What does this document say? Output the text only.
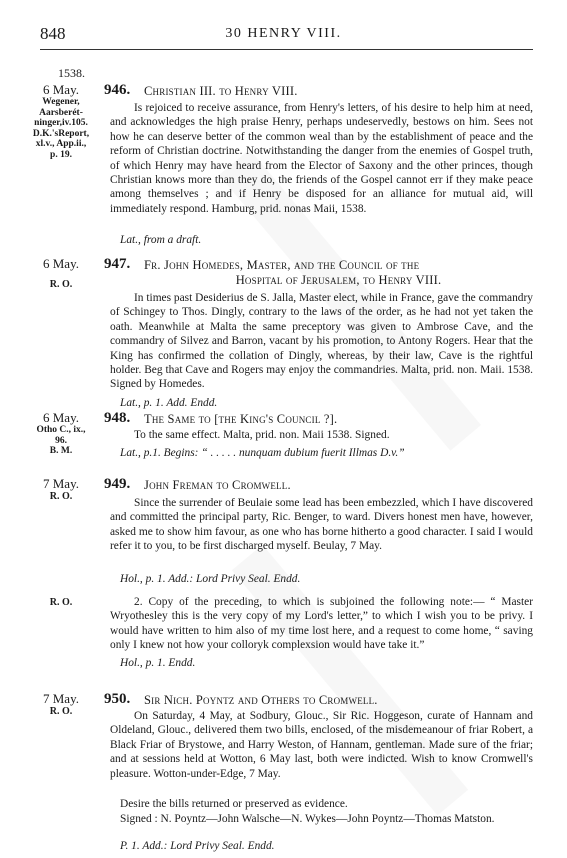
848	30 HENRY VIII.
1538.
6 May.

Wegener,
Aarsberét-
ninger,iv.105.
D.K.'sReport,
xl.v., App.ii.,
p. 19.
946. Christian III. to Henry VIII.
Is rejoiced to receive assurance, from Henry's letters, of his desire to help him at need, and acknowledges the high praise Henry, perhaps undeservedly, bestows on him. Sees not how he can deserve better of the common weal than by the establishment of peace and the reform of Christian doctrine. Notwithstanding the danger from the enemies of Gospel truth, of which Henry may have heard from the Elector of Saxony and the other princes, though Christian knows more than they do, the friends of the Gospel cannot err if they make peace among themselves ; and if Henry be disposed for an alliance for mutual aid, will immediately respond. Hamburg, prid. nonas Maii, 1538.
Lat., from a draft.
6 May.

R. O.
947. Fr. John Homedes, Master, and the Council of the
Hospital of Jerusalem, to Henry VIII.
In times past Desiderius de S. Jalla, Master elect, while in France, gave the commandry of Schingey to Thos. Dingly, contrary to the laws of the order, as he had not yet taken the oath. Meanwhile at Malta the same preceptory was given to Ambrose Cave, and the commandry of Silvez and Barron, vacant by his promotion, to Antony Rogers. Hear that the King has confirmed the collation of Dingly, whereas, by their law, Cave is the rightful holder. Beg that Cave and Rogers may enjoy the commandries. Malta, prid. non. Maii. 1538. Signed by Homedes.
Lat., p. 1. Add. Endd.
6 May.

Otho C., ix.,
96.
B. M.
948. The Same to [the King's Council ?].
To the same effect. Malta, prid. non. Maii 1538. Signed.
Lat., p.1. Begins: “ . . . . . nunquam dubium fuerit Illmas D.v.”
7 May.

R. O.
949. John Freman to Cromwell.
Since the surrender of Beulaie some lead has been embezzled, which I have discovered and committed the principal party, Ric. Benger, to ward. Divers honest men have, however, asked me to show him favour, as one who has borne hitherto a good character. I said I would refer it to you, to be first discharged myself. Beulay, 7 May.
Hol., p. 1. Add.: Lord Privy Seal. Endd.
R. O.	2. Copy of the preceding, to which is subjoined the following note:— “ Master Wryothesley this is the very copy of my Lord's letter,” to which I wish you to be privy. I would have written to him also of my time lost here, and a request to come home, “ saving only I knew not how your colloryk complexsion would have take it.”
Hol., p. 1. Endd.
7 May.

R. O.
950. Sir Nich. Poyntz and Others to Cromwell.
On Saturday, 4 May, at Sodbury, Glouc., Sir Ric. Hoggeson, curate of Hannam and Oldeland, Glouc., delivered them two bills, enclosed, of the misdemeanour of friar Robert, a Black Friar of Brystowe, and Harry Weston, of Hannam, gentleman. Made sure of the friar; and at sessions held at Wotton, 6 May last, both were indicted. Wish to know Cromwell's pleasure. Wotton-under-Edge, 7 May.
Desire the bills returned or preserved as evidence.
Signed : N. Poyntz—John Walsche—N. Wykes—John Poyntz—Thomas Matston.
P. 1. Add.: Lord Privy Seal. Endd.
